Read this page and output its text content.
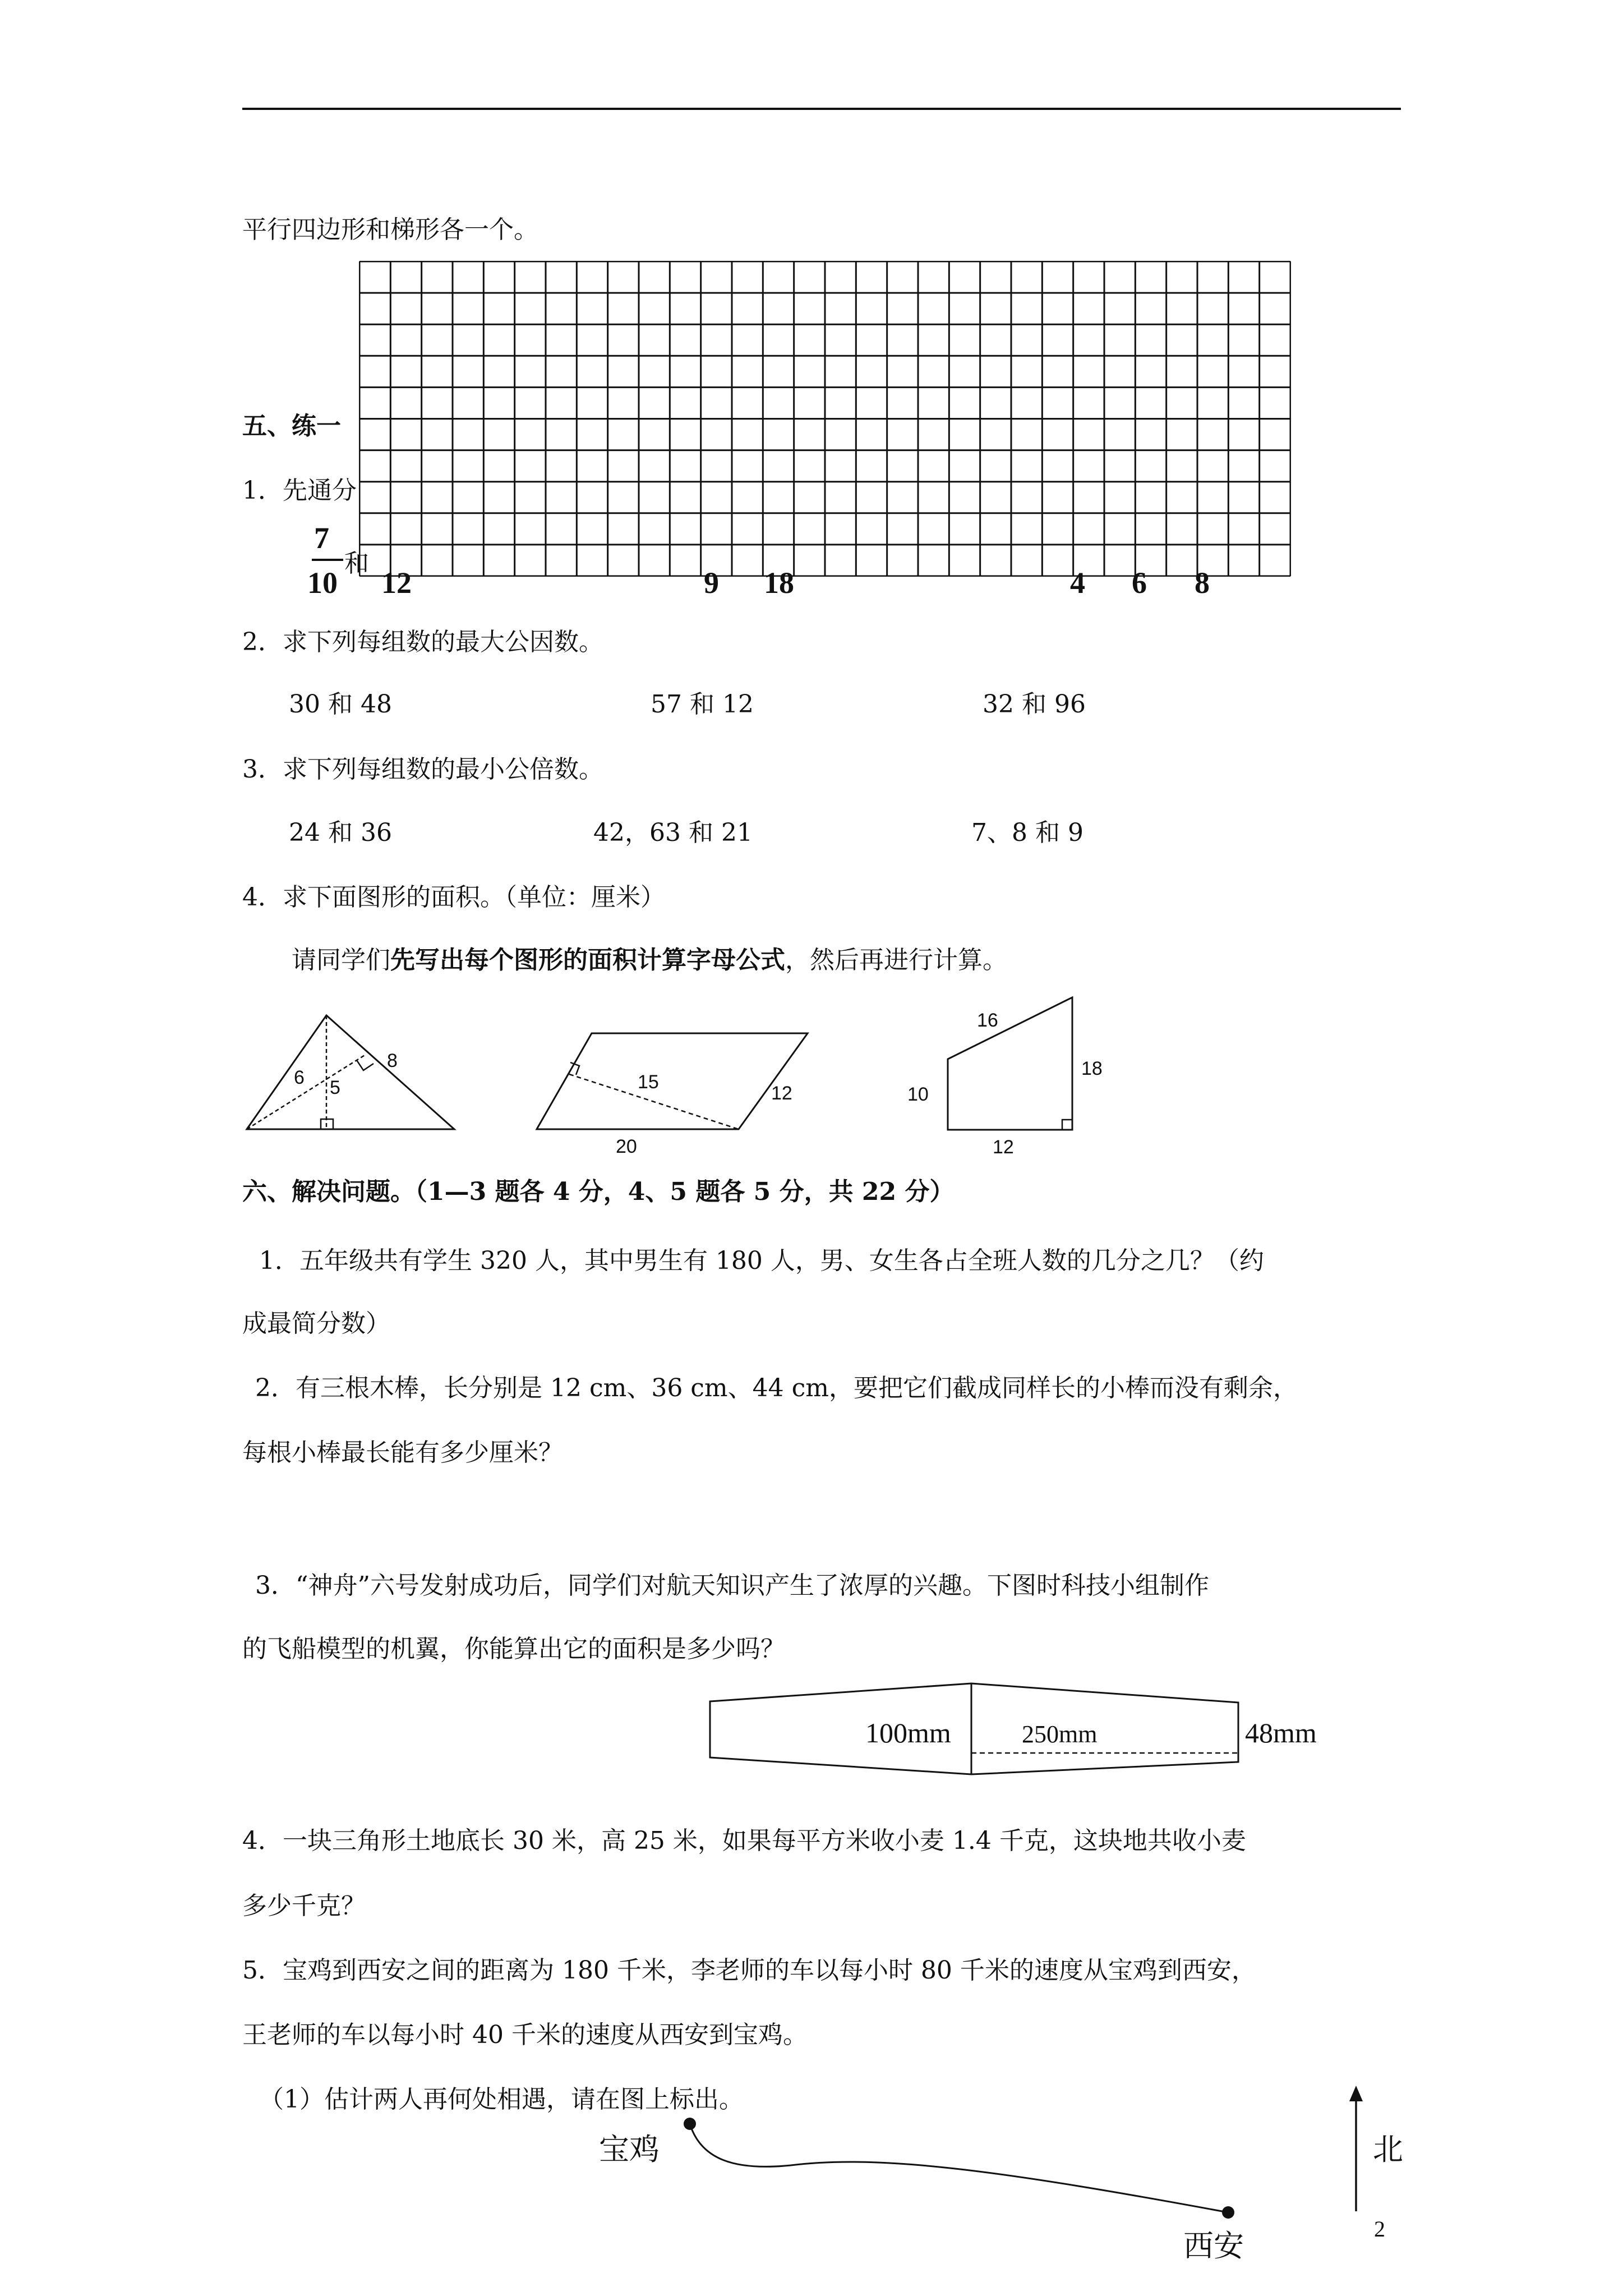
平行四边形和梯形各一个。
五、练一
1．先通分
7
10
和
12	9 18	4 6 8
2．求下列每组数的最大公因数。
30 和 48	57 和 12	32 和 96
3．求下列每组数的最小公倍数。
24 和 36	42，63 和 21	7、8 和 9
4．求下面图形的面积。（单位：厘米）
请同学们先写出每个图形的面积计算字母公式，然后再进行计算。
6 5
8
15
12
20
16
10
18
12
六、解决问题。（1—3 题各 4 分，4、5 题各 5 分，共 22 分）
1．五年级共有学生 320 人，其中男生有 180 人，男、女生各占全班人数的几分之几？（约
成最简分数）
2．有三根木棒，长分别是 12 cm、36 cm、44 cm，要把它们截成同样长的小棒而没有剩余，
每根小棒最长能有多少厘米？
3．“神舟”六号发射成功后，同学们对航天知识产生了浓厚的兴趣。下图时科技小组制作
的飞船模型的机翼，你能算出它的面积是多少吗？
100mm	250mm	48mm
4．一块三角形土地底长 30 米，高 25 米，如果每平方米收小麦 1.4 千克，这块地共收小麦
多少千克？
5．宝鸡到西安之间的距离为 180 千米，李老师的车以每小时 80 千米的速度从宝鸡到西安，
王老师的车以每小时 40 千米的速度从西安到宝鸡。
（1）估计两人再何处相遇，请在图上标出。
宝鸡
西安
北
2
